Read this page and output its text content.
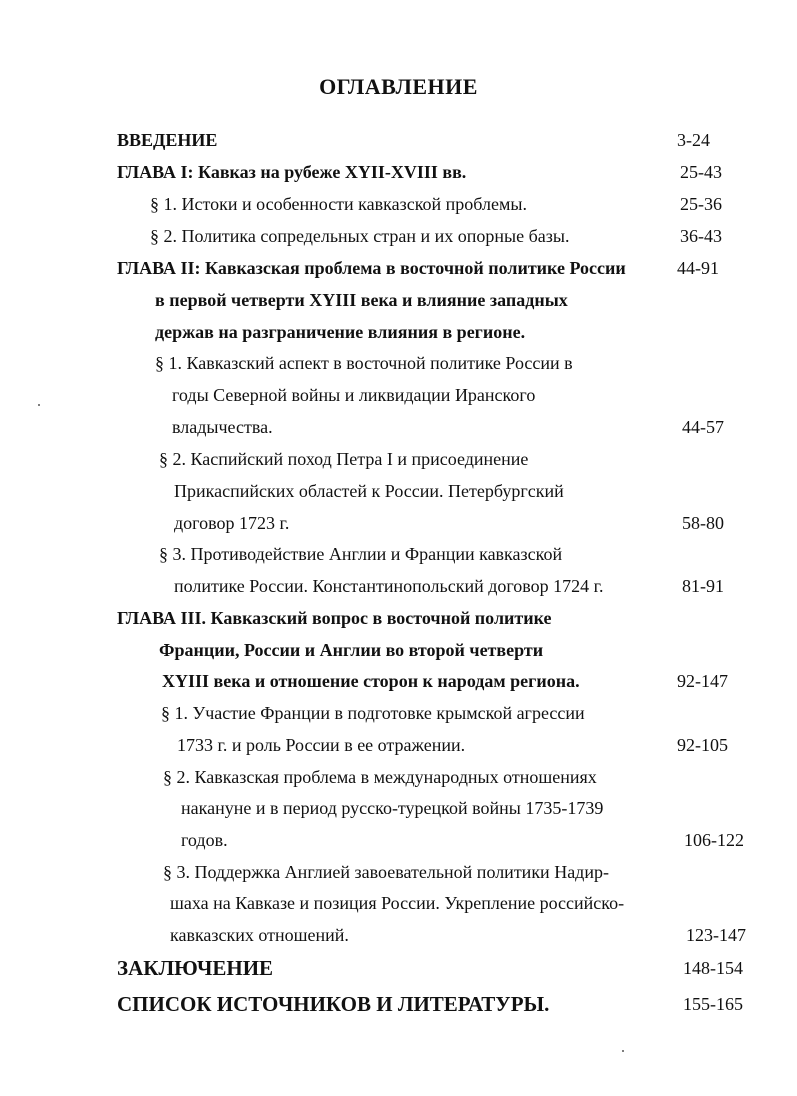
ОГЛАВЛЕНИЕ
ВВЕДЕНИЕ	3-24
ГЛАВА I: Кавказ на рубеже XYII-XVIII вв.	25-43
§ 1. Истоки и особенности кавказской проблемы.	25-36
§ 2. Политика сопредельных стран и их опорные базы.	36-43
ГЛАВА II: Кавказская проблема в восточной политике России	44-91
в первой четверти XYIII века и влияние западных
держав на разграничение влияния в регионе.
§ 1. Кавказский аспект в восточной политике России в
годы Северной войны и ликвидации Иранского
владычества.	44-57
§ 2. Каспийский поход Петра I и присоединение
Прикаспийских областей к России. Петербургский
договор 1723 г.	58-80
§ 3. Противодействие Англии и Франции кавказской
политике России. Константинопольский договор 1724 г.	81-91
ГЛАВА III. Кавказский вопрос в восточной политике
Франции, России и Англии во второй четверти
XYIII века и отношение сторон к народам региона.	92-147
§ 1. Участие Франции в подготовке крымской агрессии
1733 г. и роль России в ее отражении.	92-105
§ 2. Кавказская проблема в международных отношениях
накануне и в период русско-турецкой войны 1735-1739
годов.	106-122
§ 3. Поддержка Англией завоевательной политики Надир-
шаха на Кавказе и позиция России. Укрепление российско-
кавказских отношений.	123-147
ЗАКЛЮЧЕНИЕ	148-154
СПИСОК ИСТОЧНИКОВ И ЛИТЕРАТУРЫ.	155-165
